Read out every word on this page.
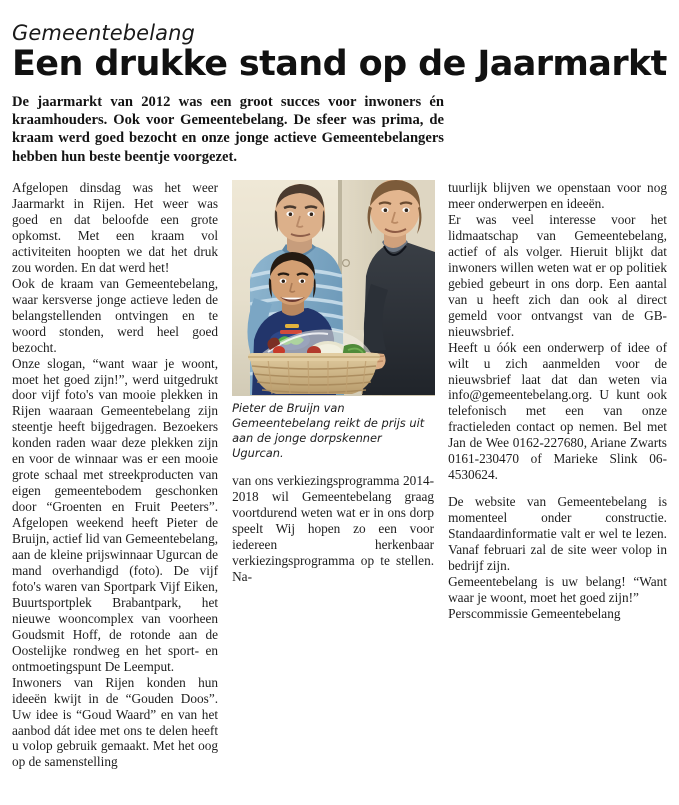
Gemeentebelang
Een drukke stand op de Jaarmarkt

De jaarmarkt van 2012 was een groot succes voor inwoners én kraamhouders. Ook voor Gemeentebelang. De sfeer was prima, de kraam werd goed bezocht en onze jonge actieve Gemeentebelangers hebben hun beste beentje voorgezet.

Afgelopen dinsdag was het weer Jaarmarkt in Rijen. Het weer was goed en dat beloofde een grote opkomst. Met een kraam vol activiteiten hoopten we dat het druk zou worden. En dat werd het!

Ook de kraam van Gemeentebelang, waar kersverse jonge actieve leden de belangstellenden ontvingen en te woord stonden, werd heel goed bezocht.

Onze slogan, “want waar je woont, moet het goed zijn!”, werd uitgedrukt door vijf foto's van mooie plekken in Rijen waaraan Gemeentebelang zijn steentje heeft bijgedragen. Bezoekers konden raden waar deze plekken zijn en voor de winnaar was er een mooie grote schaal met streekproducten van eigen gemeentebodem geschonken door “Groenten en Fruit Peeters”. Afgelopen weekend heeft Pieter de Bruijn, actief lid van Gemeentebelang, aan de kleine prijswinnaar Ugurcan de mand overhandigd (foto). De vijf foto's waren van Sportpark Vijf Eiken, Buurtsportplek Brabantpark, het nieuwe wooncomplex van voorheen Goudsmit Hoff, de rotonde aan de Oostelijke rondweg en het sport- en ontmoetingspunt De Leemput.

Inwoners van Rijen konden hun ideeën kwijt in de “Gouden Doos”. Uw idee is “Goud Waard” en van het aanbod dát idee met ons te delen heeft u volop gebruik gemaakt. Met het oog op de samenstelling

Pieter de Bruijn van Gemeentebelang reikt de prijs uit aan de jonge dorpskenner Ugurcan.

van ons verkiezingsprogramma 2014-2018 wil Gemeentebelang graag voortdurend weten wat er in ons dorp speelt Wij hopen zo een voor iedereen herkenbaar verkiezingsprogramma op te stellen. Na-

tuurlijk blijven we openstaan voor nog meer onderwerpen en ideeën.

Er was veel interesse voor het lidmaatschap van Gemeentebelang, actief of als volger. Hieruit blijkt dat inwoners willen weten wat er op politiek gebied gebeurt in ons dorp. Een aantal van u heeft zich dan ook al direct gemeld voor ontvangst van de GB-nieuwsbrief.

Heeft u óók een onderwerp of idee of wilt u zich aanmelden voor de nieuwsbrief laat dat dan weten via info@gemeentebelang.org. U kunt ook telefonisch met een van onze fractieleden contact op nemen. Bel met Jan de Wee 0162-227680, Ariane Zwarts 0161-230470 of Marieke Slink 06-4530624.

De website van Gemeentebelang is momenteel onder constructie. Standaardinformatie valt er wel te lezen. Vanaf februari zal de site weer volop in bedrijf zijn.

Gemeentebelang is uw belang! “Want waar je woont, moet het goed zijn!”

Perscommissie Gemeentebelang
